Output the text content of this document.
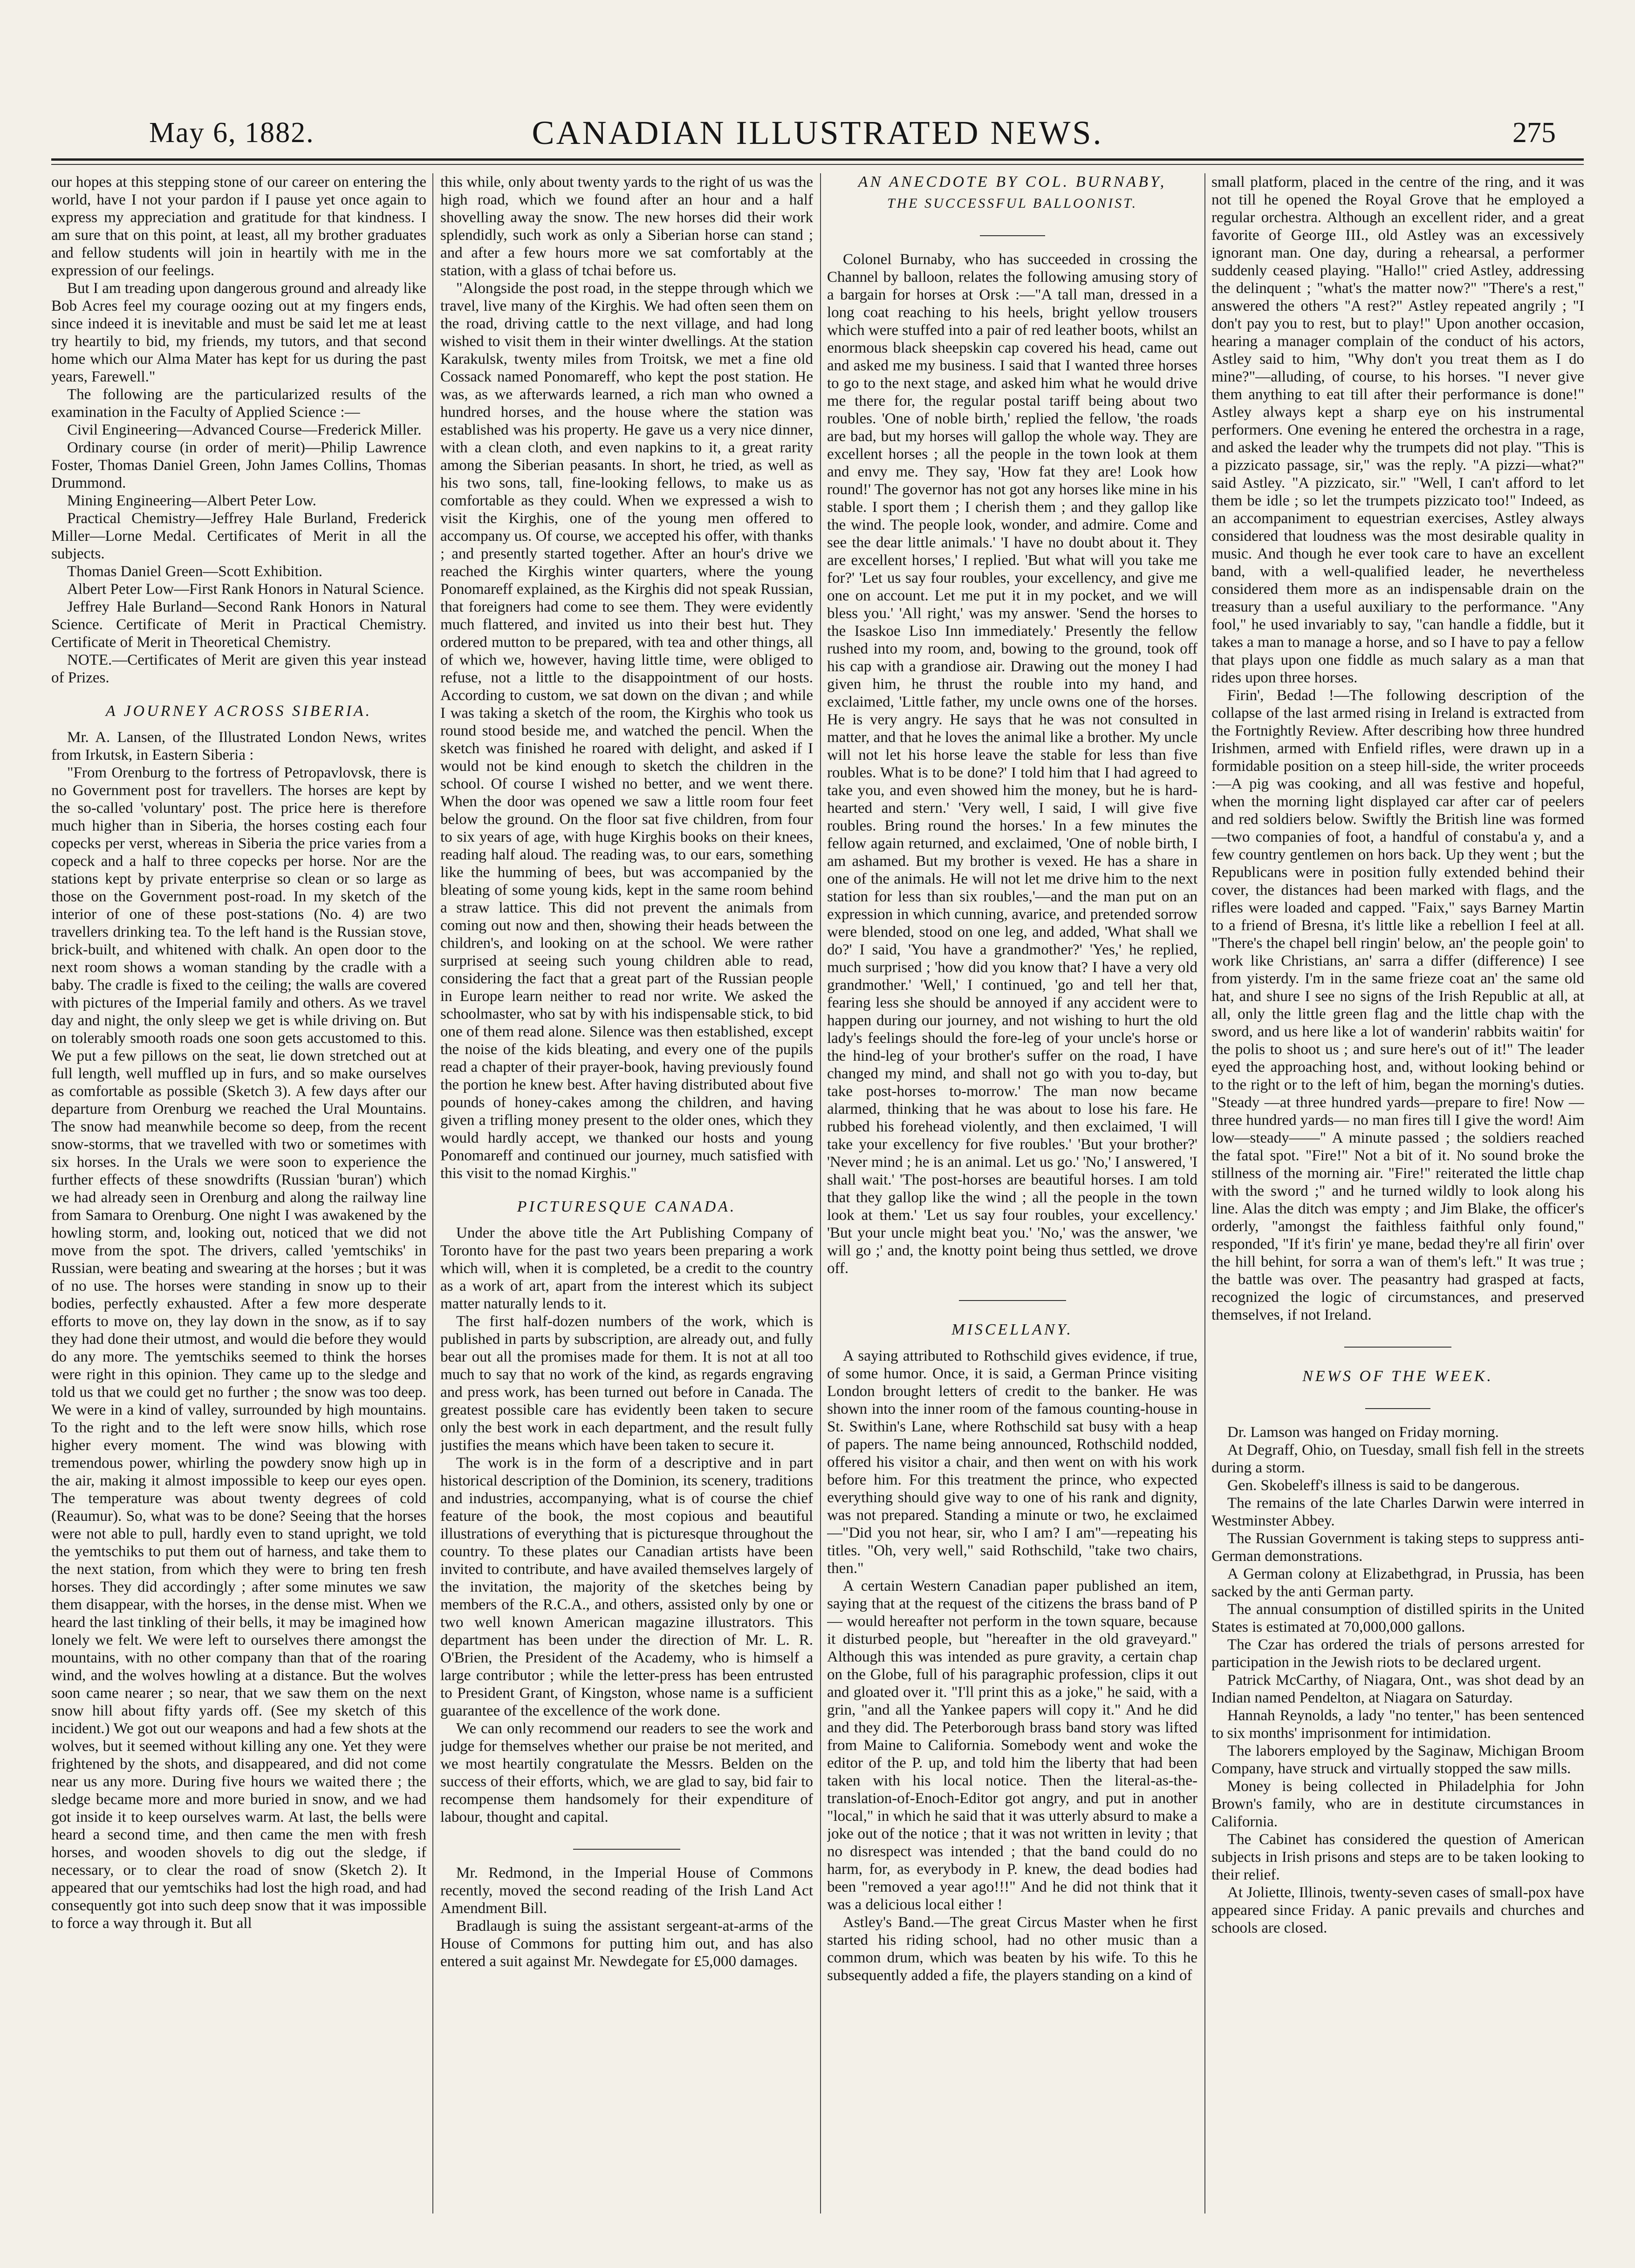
May 6, 1882.	CANADIAN ILLUSTRATED NEWS.	275

our hopes at this stepping stone of our career on entering the world, have I not your pardon if I pause yet once again to express my appreciation and gratitude for that kindness. I am sure that on this point, at least, all my brother graduates and fellow students will join in heartily with me in the expression of our feelings.

But I am treading upon dangerous ground and already like Bob Acres feel my courage oozing out at my fingers ends, since indeed it is inevitable and must be said let me at least try heartily to bid, my friends, my tutors, and that second home which our Alma Mater has kept for us during the past years, Farewell."

The following are the particularized results of the examination in the Faculty of Applied Science :—

Civil Engineering—Advanced Course—Frederick Miller.

Ordinary course (in order of merit)—Philip Lawrence Foster, Thomas Daniel Green, John James Collins, Thomas Drummond.

Mining Engineering—Albert Peter Low.

Practical Chemistry—Jeffrey Hale Burland, Frederick Miller—Lorne Medal. Certificates of Merit in all the subjects.

Thomas Daniel Green—Scott Exhibition.

Albert Peter Low—First Rank Honors in Natural Science.

Jeffrey Hale Burland—Second Rank Honors in Natural Science. Certificate of Merit in Practical Chemistry. Certificate of Merit in Theoretical Chemistry.

NOTE.—Certificates of Merit are given this year instead of Prizes.

A JOURNEY ACROSS SIBERIA.

Mr. A. Lansen, of the Illustrated London News, writes from Irkutsk, in Eastern Siberia :

"From Orenburg to the fortress of Petropavlovsk, there is no Government post for travellers. The horses are kept by the so-called 'voluntary' post. The price here is therefore much higher than in Siberia, the horses costing each four copecks per verst, whereas in Siberia the price varies from a copeck and a half to three copecks per horse. Nor are the stations kept by private enterprise so clean or so large as those on the Government post-road. In my sketch of the interior of one of these post-stations (No. 4) are two travellers drinking tea. To the left hand is the Russian stove, brick-built, and whitened with chalk. An open door to the next room shows a woman standing by the cradle with a baby. The cradle is fixed to the ceiling; the walls are covered with pictures of the Imperial family and others. As we travel day and night, the only sleep we get is while driving on. But on tolerably smooth roads one soon gets accustomed to this. We put a few pillows on the seat, lie down stretched out at full length, well muffled up in furs, and so make ourselves as comfortable as possible (Sketch 3). A few days after our departure from Orenburg we reached the Ural Mountains. The snow had meanwhile become so deep, from the recent snow-storms, that we travelled with two or sometimes with six horses. In the Urals we were soon to experience the further effects of these snowdrifts (Russian 'buran') which we had already seen in Orenburg and along the railway line from Samara to Orenburg. One night I was awakened by the howling storm, and, looking out, noticed that we did not move from the spot. The drivers, called 'yemtschiks' in Russian, were beating and swearing at the horses ; but it was of no use. The horses were standing in snow up to their bodies, perfectly exhausted. After a few more desperate efforts to move on, they lay down in the snow, as if to say they had done their utmost, and would die before they would do any more. The yemtschiks seemed to think the horses were right in this opinion. They came up to the sledge and told us that we could get no further ; the snow was too deep. We were in a kind of valley, surrounded by high mountains. To the right and to the left were snow hills, which rose higher every moment. The wind was blowing with tremendous power, whirling the powdery snow high up in the air, making it almost impossible to keep our eyes open. The temperature was about twenty degrees of cold (Reaumur). So, what was to be done? Seeing that the horses were not able to pull, hardly even to stand upright, we told the yemtschiks to put them out of harness, and take them to the next station, from which they were to bring ten fresh horses. They did accordingly ; after some minutes we saw them disappear, with the horses, in the dense mist. When we heard the last tinkling of their bells, it may be imagined how lonely we felt. We were left to ourselves there amongst the mountains, with no other company than that of the roaring wind, and the wolves howling at a distance. But the wolves soon came nearer ; so near, that we saw them on the next snow hill about fifty yards off. (See my sketch of this incident.) We got out our weapons and had a few shots at the wolves, but it seemed without killing any one. Yet they were frightened by the shots, and disappeared, and did not come near us any more. During five hours we waited there ; the sledge became more and more buried in snow, and we had got inside it to keep ourselves warm. At last, the bells were heard a second time, and then came the men with fresh horses, and wooden shovels to dig out the sledge, if necessary, or to clear the road of snow (Sketch 2). It appeared that our yemtschiks had lost the high road, and had consequently got into such deep snow that it was impossible to force a way through it. But all

this while, only about twenty yards to the right of us was the high road, which we found after an hour and a half shovelling away the snow. The new horses did their work splendidly, such work as only a Siberian horse can stand ; and after a few hours more we sat comfortably at the station, with a glass of tchai before us.

"Alongside the post road, in the steppe through which we travel, live many of the Kirghis. We had often seen them on the road, driving cattle to the next village, and had long wished to visit them in their winter dwellings. At the station Karakulsk, twenty miles from Troitsk, we met a fine old Cossack named Ponomareff, who kept the post station. He was, as we afterwards learned, a rich man who owned a hundred horses, and the house where the station was established was his property. He gave us a very nice dinner, with a clean cloth, and even napkins to it, a great rarity among the Siberian peasants. In short, he tried, as well as his two sons, tall, fine-looking fellows, to make us as comfortable as they could. When we expressed a wish to visit the Kirghis, one of the young men offered to accompany us. Of course, we accepted his offer, with thanks ; and presently started together. After an hour's drive we reached the Kirghis winter quarters, where the young Ponomareff explained, as the Kirghis did not speak Russian, that foreigners had come to see them. They were evidently much flattered, and invited us into their best hut. They ordered mutton to be prepared, with tea and other things, all of which we, however, having little time, were obliged to refuse, not a little to the disappointment of our hosts. According to custom, we sat down on the divan ; and while I was taking a sketch of the room, the Kirghis who took us round stood beside me, and watched the pencil. When the sketch was finished he roared with delight, and asked if I would not be kind enough to sketch the children in the school. Of course I wished no better, and we went there. When the door was opened we saw a little room four feet below the ground. On the floor sat five children, from four to six years of age, with huge Kirghis books on their knees, reading half aloud. The reading was, to our ears, something like the humming of bees, but was accompanied by the bleating of some young kids, kept in the same room behind a straw lattice. This did not prevent the animals from coming out now and then, showing their heads between the children's, and looking on at the school. We were rather surprised at seeing such young children able to read, considering the fact that a great part of the Russian people in Europe learn neither to read nor write. We asked the schoolmaster, who sat by with his indispensable stick, to bid one of them read alone. Silence was then established, except the noise of the kids bleating, and every one of the pupils read a chapter of their prayer-book, having previously found the portion he knew best. After having distributed about five pounds of honey-cakes among the children, and having given a trifling money present to the older ones, which they would hardly accept, we thanked our hosts and young Ponomareff and continued our journey, much satisfied with this visit to the nomad Kirghis."

PICTURESQUE CANADA.

Under the above title the Art Publishing Company of Toronto have for the past two years been preparing a work which will, when it is completed, be a credit to the country as a work of art, apart from the interest which its subject matter naturally lends to it.

The first half-dozen numbers of the work, which is published in parts by subscription, are already out, and fully bear out all the promises made for them. It is not at all too much to say that no work of the kind, as regards engraving and press work, has been turned out before in Canada. The greatest possible care has evidently been taken to secure only the best work in each department, and the result fully justifies the means which have been taken to secure it.

The work is in the form of a descriptive and in part historical description of the Dominion, its scenery, traditions and industries, accompanying, what is of course the chief feature of the book, the most copious and beautiful illustrations of everything that is picturesque throughout the country. To these plates our Canadian artists have been invited to contribute, and have availed themselves largely of the invitation, the majority of the sketches being by members of the R.C.A., and others, assisted only by one or two well known American magazine illustrators. This department has been under the direction of Mr. L. R. O'Brien, the President of the Academy, who is himself a large contributor ; while the letter-press has been entrusted to President Grant, of Kingston, whose name is a sufficient guarantee of the excellence of the work done.

We can only recommend our readers to see the work and judge for themselves whether our praise be not merited, and we most heartily congratulate the Messrs. Belden on the success of their efforts, which, we are glad to say, bid fair to recompense them handsomely for their expenditure of labour, thought and capital.

Mr. Redmond, in the Imperial House of Commons recently, moved the second reading of the Irish Land Act Amendment Bill.

Bradlaugh is suing the assistant sergeant-at-arms of the House of Commons for putting him out, and has also entered a suit against Mr. Newdegate for £5,000 damages.

AN ANECDOTE BY COL. BURNABY,
THE SUCCESSFUL BALLOONIST.

Colonel Burnaby, who has succeeded in crossing the Channel by balloon, relates the following amusing story of a bargain for horses at Orsk :—"A tall man, dressed in a long coat reaching to his heels, bright yellow trousers which were stuffed into a pair of red leather boots, whilst an enormous black sheepskin cap covered his head, came out and asked me my business. I said that I wanted three horses to go to the next stage, and asked him what he would drive me there for, the regular postal tariff being about two roubles. 'One of noble birth,' replied the fellow, 'the roads are bad, but my horses will gallop the whole way. They are excellent horses ; all the people in the town look at them and envy me. They say, 'How fat they are! Look how round!' The governor has not got any horses like mine in his stable. I sport them ; I cherish them ; and they gallop like the wind. The people look, wonder, and admire. Come and see the dear little animals.' 'I have no doubt about it. They are excellent horses,' I replied. 'But what will you take me for?' 'Let us say four roubles, your excellency, and give me one on account. Let me put it in my pocket, and we will bless you.' 'All right,' was my answer. 'Send the horses to the Isaskoe Liso Inn immediately.' Presently the fellow rushed into my room, and, bowing to the ground, took off his cap with a grandiose air. Drawing out the money I had given him, he thrust the rouble into my hand, and exclaimed, 'Little father, my uncle owns one of the horses. He is very angry. He says that he was not consulted in matter, and that he loves the animal like a brother. My uncle will not let his horse leave the stable for less than five roubles. What is to be done?' I told him that I had agreed to take you, and even showed him the money, but he is hard-hearted and stern.' 'Very well, I said, I will give five roubles. Bring round the horses.' In a few minutes the fellow again returned, and exclaimed, 'One of noble birth, I am ashamed. But my brother is vexed. He has a share in one of the animals. He will not let me drive him to the next station for less than six roubles,'—and the man put on an expression in which cunning, avarice, and pretended sorrow were blended, stood on one leg, and added, 'What shall we do?' I said, 'You have a grandmother?' 'Yes,' he replied, much surprised ; 'how did you know that? I have a very old grandmother.' 'Well,' I continued, 'go and tell her that, fearing less she should be annoyed if any accident were to happen during our journey, and not wishing to hurt the old lady's feelings should the fore-leg of your uncle's horse or the hind-leg of your brother's suffer on the road, I have changed my mind, and shall not go with you to-day, but take post-horses to-morrow.' The man now became alarmed, thinking that he was about to lose his fare. He rubbed his forehead violently, and then exclaimed, 'I will take your excellency for five roubles.' 'But your brother?' 'Never mind ; he is an animal. Let us go.' 'No,' I answered, 'I shall wait.' 'The post-horses are beautiful horses. I am told that they gallop like the wind ; all the people in the town look at them.' 'Let us say four roubles, your excellency.' 'But your uncle might beat you.' 'No,' was the answer, 'we will go ;' and, the knotty point being thus settled, we drove off.

MISCELLANY.

A saying attributed to Rothschild gives evidence, if true, of some humor. Once, it is said, a German Prince visiting London brought letters of credit to the banker. He was shown into the inner room of the famous counting-house in St. Swithin's Lane, where Rothschild sat busy with a heap of papers. The name being announced, Rothschild nodded, offered his visitor a chair, and then went on with his work before him. For this treatment the prince, who expected everything should give way to one of his rank and dignity, was not prepared. Standing a minute or two, he exclaimed—"Did you not hear, sir, who I am? I am"—repeating his titles. "Oh, very well," said Rothschild, "take two chairs, then."

A certain Western Canadian paper published an item, saying that at the request of the citizens the brass band of P— would hereafter not perform in the town square, because it disturbed people, but "hereafter in the old graveyard." Although this was intended as pure gravity, a certain chap on the Globe, full of his paragraphic profession, clips it out and gloated over it. "I'll print this as a joke," he said, with a grin, "and all the Yankee papers will copy it." And he did and they did. The Peterborough brass band story was lifted from Maine to California. Somebody went and woke the editor of the P. up, and told him the liberty that had been taken with his local notice. Then the literal-as-the-translation-of-Enoch-Editor got angry, and put in another "local," in which he said that it was utterly absurd to make a joke out of the notice ; that it was not written in levity ; that no disrespect was intended ; that the band could do no harm, for, as everybody in P. knew, the dead bodies had been "removed a year ago!!!" And he did not think that it was a delicious local either !

Astley's Band.—The great Circus Master when he first started his riding school, had no other music than a common drum, which was beaten by his wife. To this he subsequently added a fife, the players standing on a kind of

small platform, placed in the centre of the ring, and it was not till he opened the Royal Grove that he employed a regular orchestra. Although an excellent rider, and a great favorite of George III., old Astley was an excessively ignorant man. One day, during a rehearsal, a performer suddenly ceased playing. "Hallo!" cried Astley, addressing the delinquent ; "what's the matter now?" "There's a rest," answered the others "A rest?" Astley repeated angrily ; "I don't pay you to rest, but to play!" Upon another occasion, hearing a manager complain of the conduct of his actors, Astley said to him, "Why don't you treat them as I do mine?"—alluding, of course, to his horses. "I never give them anything to eat till after their performance is done!" Astley always kept a sharp eye on his instrumental performers. One evening he entered the orchestra in a rage, and asked the leader why the trumpets did not play. "This is a pizzicato passage, sir," was the reply. "A pizzi—what?" said Astley. "A pizzicato, sir." "Well, I can't afford to let them be idle ; so let the trumpets pizzicato too!" Indeed, as an accompaniment to equestrian exercises, Astley always considered that loudness was the most desirable quality in music. And though he ever took care to have an excellent band, with a well-qualified leader, he nevertheless considered them more as an indispensable drain on the treasury than a useful auxiliary to the performance. "Any fool," he used invariably to say, "can handle a fiddle, but it takes a man to manage a horse, and so I have to pay a fellow that plays upon one fiddle as much salary as a man that rides upon three horses.

Firin', Bedad !—The following description of the collapse of the last armed rising in Ireland is extracted from the Fortnightly Review. After describing how three hundred Irishmen, armed with Enfield rifles, were drawn up in a formidable position on a steep hill-side, the writer proceeds :—A pig was cooking, and all was festive and hopeful, when the morning light displayed car after car of peelers and red soldiers below. Swiftly the British line was formed—two companies of foot, a handful of constabu'a y, and a few country gentlemen on hors back. Up they went ; but the Republicans were in position fully extended behind their cover, the distances had been marked with flags, and the rifles were loaded and capped. "Faix," says Barney Martin to a friend of Bresna, it's little like a rebellion I feel at all. "There's the chapel bell ringin' below, an' the people goin' to work like Christians, an' sarra a differ (difference) I see from yisterdy. I'm in the same frieze coat an' the same old hat, and shure I see no signs of the Irish Republic at all, at all, only the little green flag and the little chap with the sword, and us here like a lot of wanderin' rabbits waitin' for the polis to shoot us ; and sure here's out of it!" The leader eyed the approaching host, and, without looking behind or to the right or to the left of him, began the morning's duties. "Steady —at three hundred yards—prepare to fire! Now —three hundred yards— no man fires till I give the word! Aim low—steady——" A minute passed ; the soldiers reached the fatal spot. "Fire!" Not a bit of it. No sound broke the stillness of the morning air. "Fire!" reiterated the little chap with the sword ;" and he turned wildly to look along his line. Alas the ditch was empty ; and Jim Blake, the officer's orderly, "amongst the faithless faithful only found," responded, "If it's firin' ye mane, bedad they're all firin' over the hill behint, for sorra a wan of them's left." It was true ; the battle was over. The peasantry had grasped at facts, recognized the logic of circumstances, and preserved themselves, if not Ireland.

NEWS OF THE WEEK.

Dr. Lamson was hanged on Friday morning.

At Degraff, Ohio, on Tuesday, small fish fell in the streets during a storm.

Gen. Skobeleff's illness is said to be dangerous.

The remains of the late Charles Darwin were interred in Westminster Abbey.

The Russian Government is taking steps to suppress anti-German demonstrations.

A German colony at Elizabethgrad, in Prussia, has been sacked by the anti German party.

The annual consumption of distilled spirits in the United States is estimated at 70,000,000 gallons.

The Czar has ordered the trials of persons arrested for participation in the Jewish riots to be declared urgent.

Patrick McCarthy, of Niagara, Ont., was shot dead by an Indian named Pendelton, at Niagara on Saturday.

Hannah Reynolds, a lady "no tenter," has been sentenced to six months' imprisonment for intimidation.

The laborers employed by the Saginaw, Michigan Broom Company, have struck and virtually stopped the saw mills.

Money is being collected in Philadelphia for John Brown's family, who are in destitute circumstances in California.

The Cabinet has considered the question of American subjects in Irish prisons and steps are to be taken looking to their relief.

At Joliette, Illinois, twenty-seven cases of small-pox have appeared since Friday. A panic prevails and churches and schools are closed.
